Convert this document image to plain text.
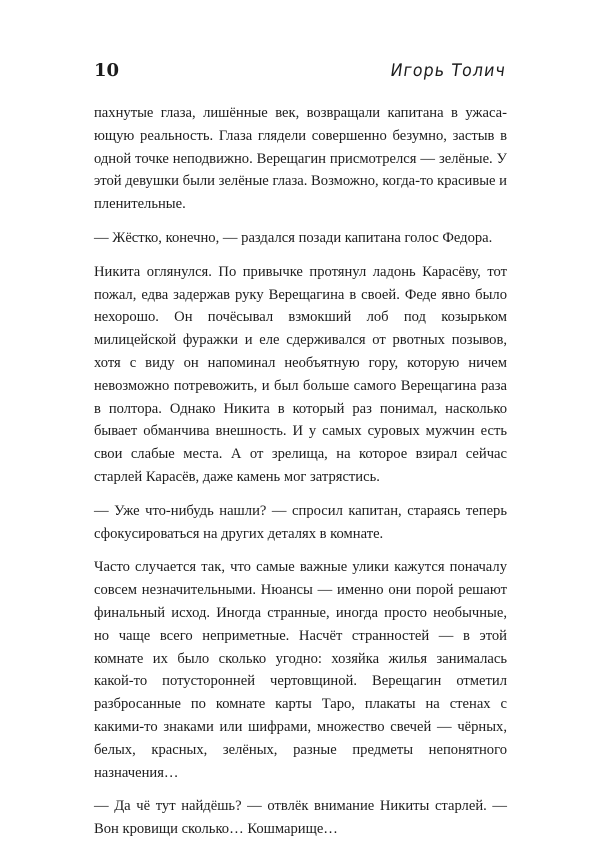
10	Игорь Толич

пахнутые глаза, лишённые век, возвращали капитана в ужасающую реальность. Глаза глядели совершенно безумно, застыв в одной точке неподвижно. Верещагин присмотрелся — зелёные. У этой девушки были зелёные глаза. Возможно, когда-то красивые и пленительные.

— Жёстко, конечно, — раздался позади капитана голос Федора.

Никита оглянулся. По привычке протянул ладонь Карасёву, тот пожал, едва задержав руку Верещагина в своей. Феде явно было нехорошо. Он почёсывал взмокший лоб под козырьком милицейской фуражки и еле сдерживался от рвотных позывов, хотя с виду он напоминал необъятную гору, которую ничем невозможно потревожить, и был больше самого Верещагина раза в полтора. Однако Никита в который раз понимал, насколько бывает обманчива внешность. И у самых суровых мужчин есть свои слабые места. А от зрелища, на которое взирал сейчас старлей Карасёв, даже камень мог затрястись.

— Уже что-нибудь нашли? — спросил капитан, стараясь теперь сфокусироваться на других деталях в комнате.

Часто случается так, что самые важные улики кажутся поначалу совсем незначительными. Нюансы — именно они порой решают финальный исход. Иногда странные, иногда просто необычные, но чаще всего неприметные. Насчёт странностей — в этой комнате их было сколько угодно: хозяйка жилья занималась какой-то потусторонней чертовщиной. Верещагин отметил разбросанные по комнате карты Таро, плакаты на стенах с какими-то знаками или шифрами, множество свечей — чёрных, белых, красных, зелёных, разные предметы непонятного назначения…

— Да чё тут найдёшь? — отвлёк внимание Никиты старлей. — Вон кровищи сколько… Кошмарище…
